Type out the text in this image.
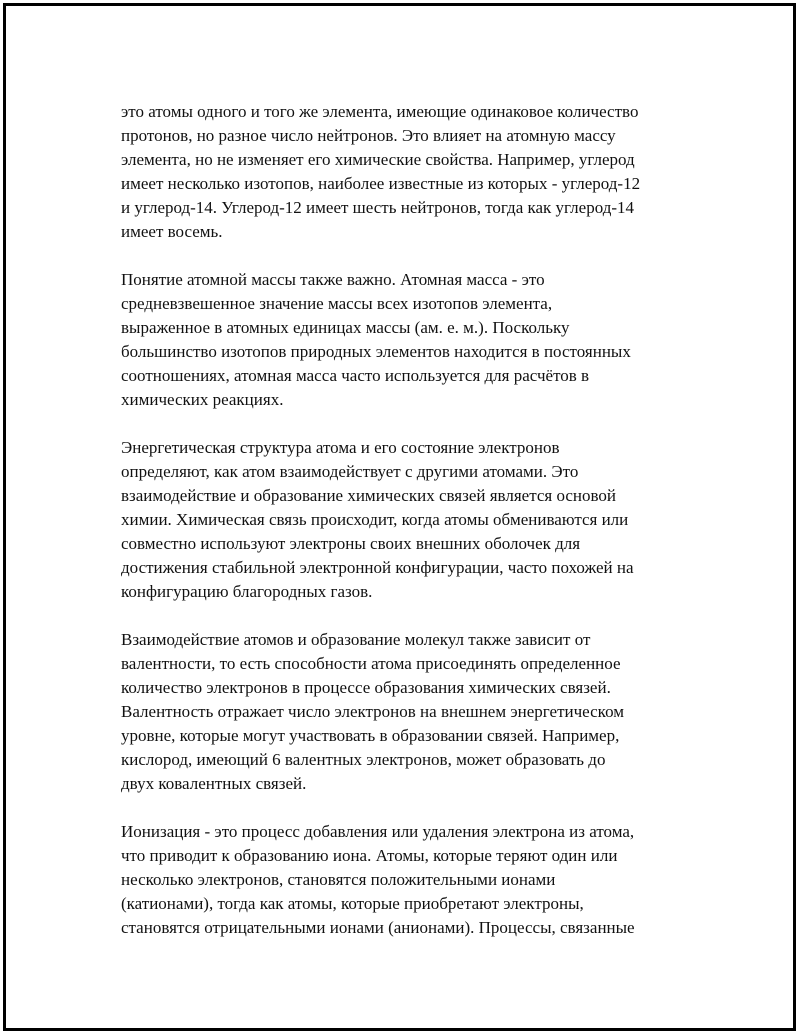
это атомы одного и того же элемента, имеющие одинаковое количество
протонов, но разное число нейтронов. Это влияет на атомную массу
элемента, но не изменяет его химические свойства. Например, углерод
имеет несколько изотопов, наиболее известные из которых - углерод-12
и углерод-14. Углерод-12 имеет шесть нейтронов, тогда как углерод-14
имеет восемь.

Понятие атомной массы также важно. Атомная масса - это
средневзвешенное значение массы всех изотопов элемента,
выраженное в атомных единицах массы (ам. е. м.). Поскольку
большинство изотопов природных элементов находится в постоянных
соотношениях, атомная масса часто используется для расчётов в
химических реакциях.

Энергетическая структура атома и его состояние электронов
определяют, как атом взаимодействует с другими атомами. Это
взаимодействие и образование химических связей является основой
химии. Химическая связь происходит, когда атомы обмениваются или
совместно используют электроны своих внешних оболочек для
достижения стабильной электронной конфигурации, часто похожей на
конфигурацию благородных газов.

Взаимодействие атомов и образование молекул также зависит от
валентности, то есть способности атома присоединять определенное
количество электронов в процессе образования химических связей.
Валентность отражает число электронов на внешнем энергетическом
уровне, которые могут участвовать в образовании связей. Например,
кислород, имеющий 6 валентных электронов, может образовать до
двух ковалентных связей.

Ионизация - это процесс добавления или удаления электрона из атома,
что приводит к образованию иона. Атомы, которые теряют один или
несколько электронов, становятся положительными ионами
(катионами), тогда как атомы, которые приобретают электроны,
становятся отрицательными ионами (анионами). Процессы, связанные
